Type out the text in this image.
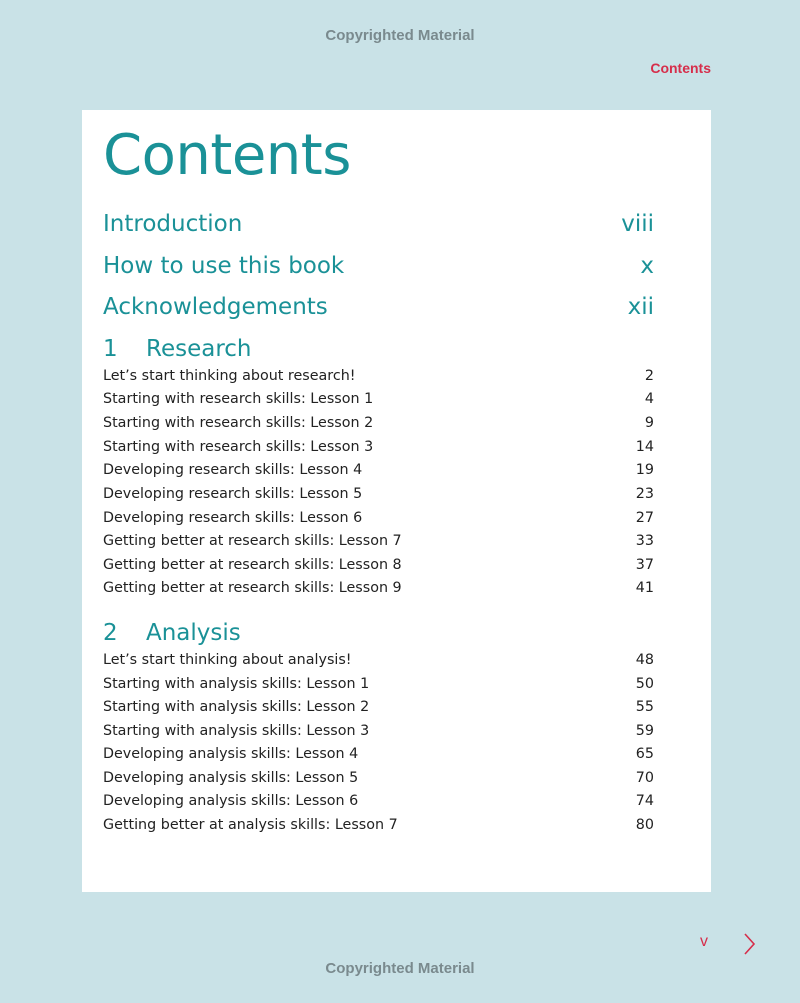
Copyrighted Material
Contents
Contents
Introduction	viii
How to use this book	x
Acknowledgements	xii
1	Research
Let’s start thinking about research!	2
Starting with research skills: Lesson 1	4
Starting with research skills: Lesson 2	9
Starting with research skills: Lesson 3	14
Developing research skills: Lesson 4	19
Developing research skills: Lesson 5	23
Developing research skills: Lesson 6	27
Getting better at research skills: Lesson 7	33
Getting better at research skills: Lesson 8	37
Getting better at research skills: Lesson 9	41
2	Analysis
Let’s start thinking about analysis!	48
Starting with analysis skills: Lesson 1	50
Starting with analysis skills: Lesson 2	55
Starting with analysis skills: Lesson 3	59
Developing analysis skills: Lesson 4	65
Developing analysis skills: Lesson 5	70
Developing analysis skills: Lesson 6	74
Getting better at analysis skills: Lesson 7	80
v
Copyrighted Material
